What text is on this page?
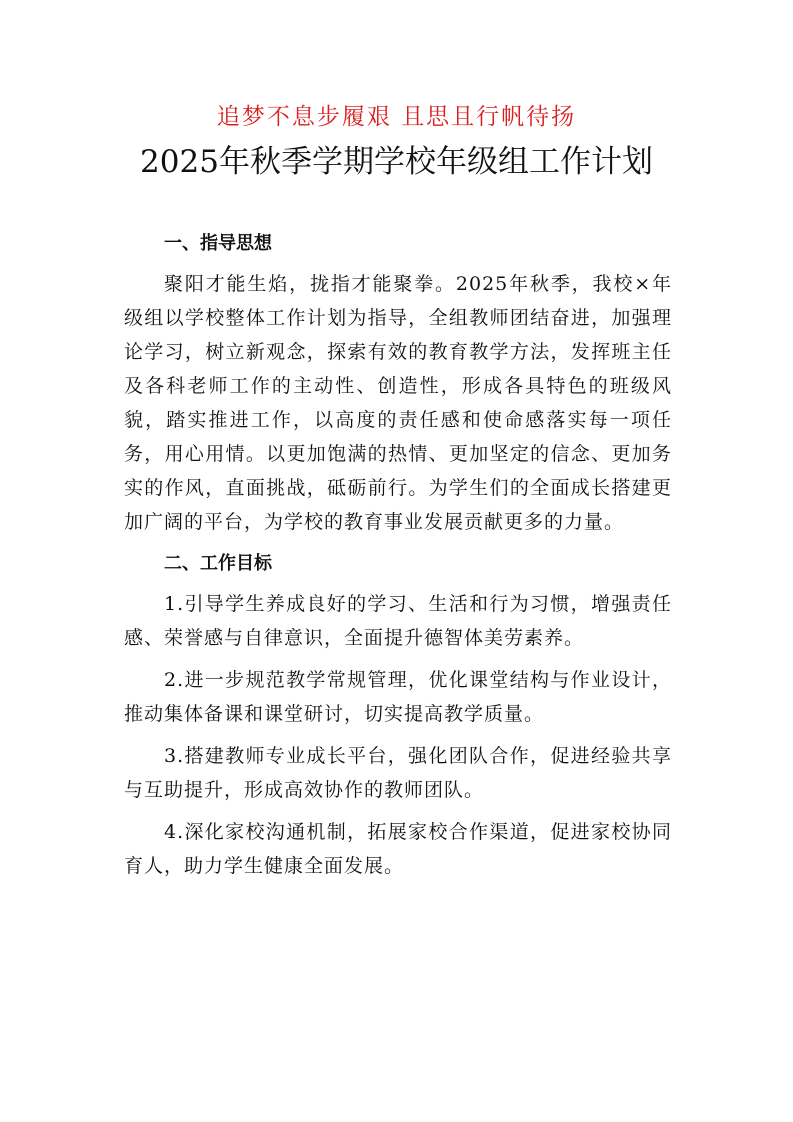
追梦不息步履艰 且思且行帆待扬
2025年秋季学期学校年级组工作计划
一、指导思想

聚阳才能生焰，拢指才能聚拳。2025年秋季，我校×年级组以学校整体工作计划为指导，全组教师团结奋进，加强理论学习，树立新观念，探索有效的教育教学方法，发挥班主任及各科老师工作的主动性、创造性，形成各具特色的班级风貌，踏实推进工作，以高度的责任感和使命感落实每一项任务，用心用情。以更加饱满的热情、更加坚定的信念、更加务实的作风，直面挑战，砥砺前行。为学生们的全面成长搭建更加广阔的平台，为学校的教育事业发展贡献更多的力量。

二、工作目标

1.引导学生养成良好的学习、生活和行为习惯，增强责任感、荣誉感与自律意识，全面提升德智体美劳素养。

2.进一步规范教学常规管理，优化课堂结构与作业设计，推动集体备课和课堂研讨，切实提高教学质量。

3.搭建教师专业成长平台，强化团队合作，促进经验共享与互助提升，形成高效协作的教师团队。

4.深化家校沟通机制，拓展家校合作渠道，促进家校协同育人，助力学生健康全面发展。
